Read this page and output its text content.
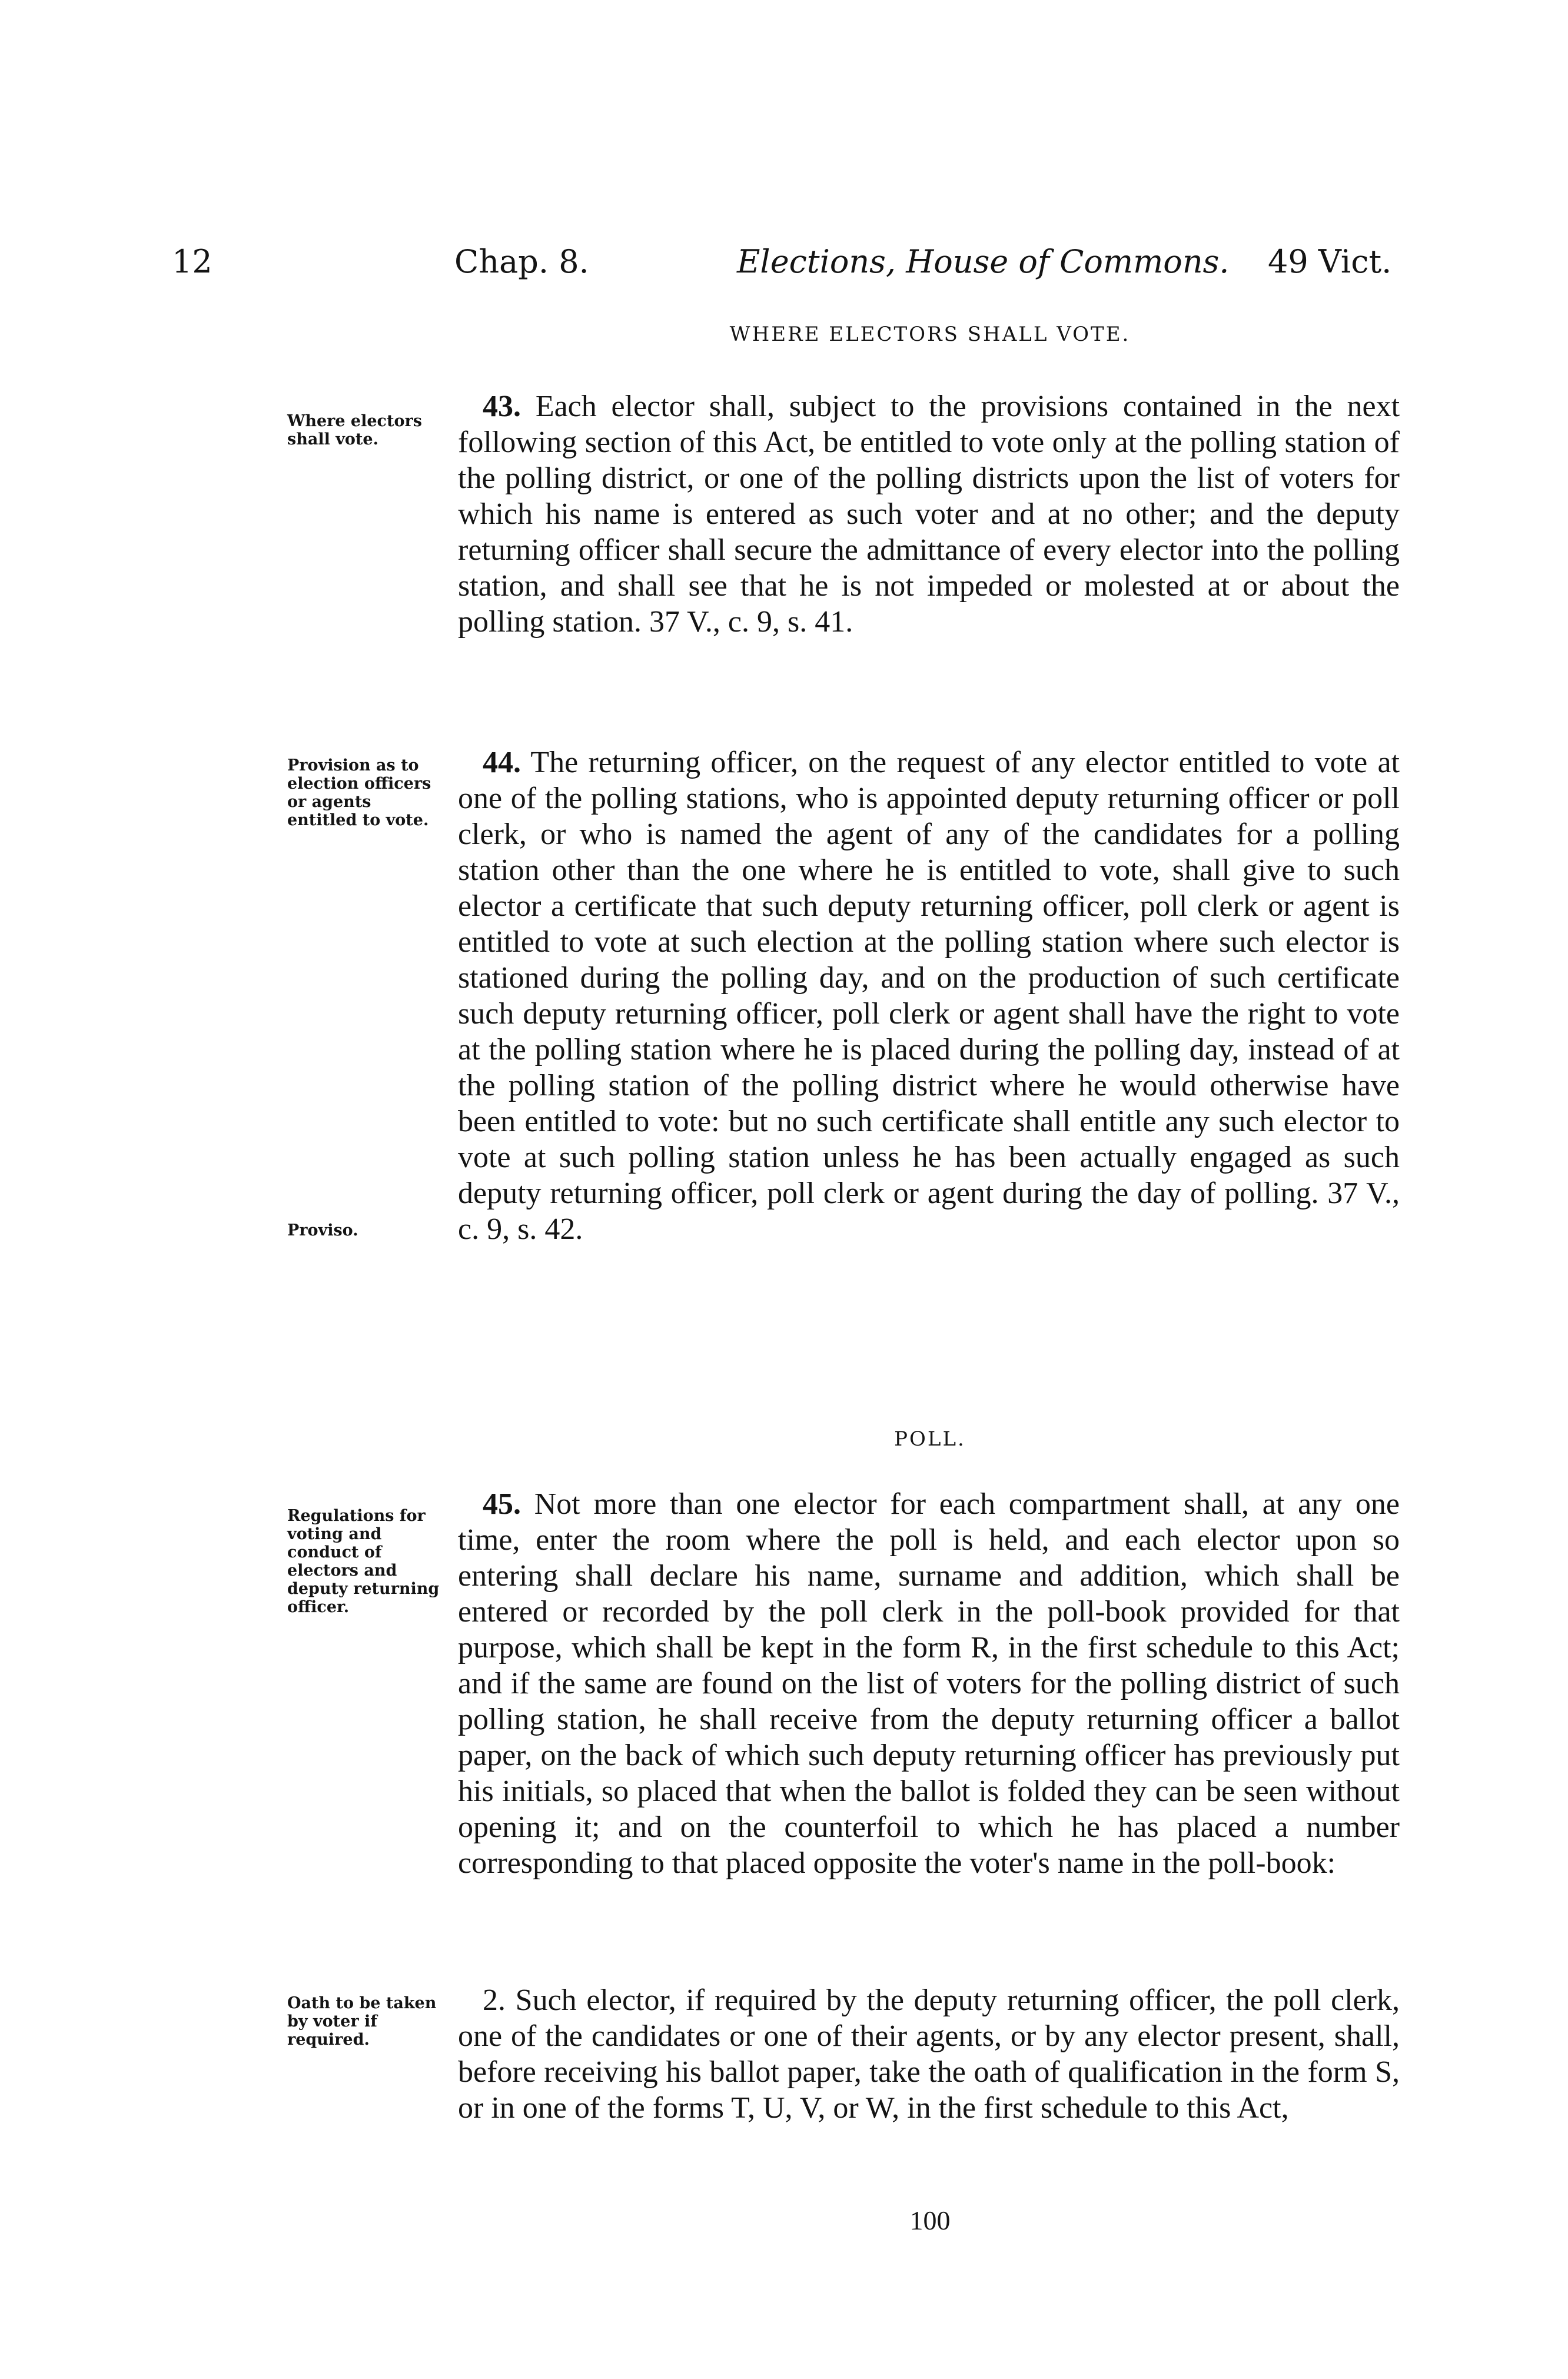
12	Chap. 8.	Elections, House of Commons. 49 Vict.
WHERE ELECTORS SHALL VOTE.
Where electors shall vote.
43. Each elector shall, subject to the provisions contained in the next following section of this Act, be entitled to vote only at the polling station of the polling district, or one of the polling districts upon the list of voters for which his name is entered as such voter and at no other; and the deputy returning officer shall secure the admittance of every elector into the polling station, and shall see that he is not impeded or molested at or about the polling station. 37 V., c. 9, s. 41.
Provision as to election officers or agents entitled to vote.
44. The returning officer, on the request of any elector entitled to vote at one of the polling stations, who is appointed deputy returning officer or poll clerk, or who is named the agent of any of the candidates for a polling station other than the one where he is entitled to vote, shall give to such elector a certificate that such deputy returning officer, poll clerk or agent is entitled to vote at such election at the polling station where such elector is stationed during the polling day, and on the production of such certificate such deputy returning officer, poll clerk or agent shall have the right to vote at the polling station where he is placed during the polling day, instead of at the polling station of the polling district where he would otherwise have been entitled to vote: but no such certificate shall entitle any such elector to vote at such polling station unless he has been actually engaged as such deputy returning officer, poll clerk or agent during the day of polling. 37 V., c. 9, s. 42.
Proviso.
POLL.
Regulations for voting and conduct of electors and deputy returning officer.
45. Not more than one elector for each compartment shall, at any one time, enter the room where the poll is held, and each elector upon so entering shall declare his name, surname and addition, which shall be entered or recorded by the poll clerk in the poll-book provided for that purpose, which shall be kept in the form R, in the first schedule to this Act; and if the same are found on the list of voters for the polling district of such polling station, he shall receive from the deputy returning officer a ballot paper, on the back of which such deputy returning officer has previously put his initials, so placed that when the ballot is folded they can be seen without opening it; and on the counterfoil to which he has placed a number corresponding to that placed opposite the voter's name in the poll-book:
Oath to be taken by voter if required.
2. Such elector, if required by the deputy returning officer, the poll clerk, one of the candidates or one of their agents, or by any elector present, shall, before receiving his ballot paper, take the oath of qualification in the form S, or in one of the forms T, U, V, or W, in the first schedule to this Act,
100
